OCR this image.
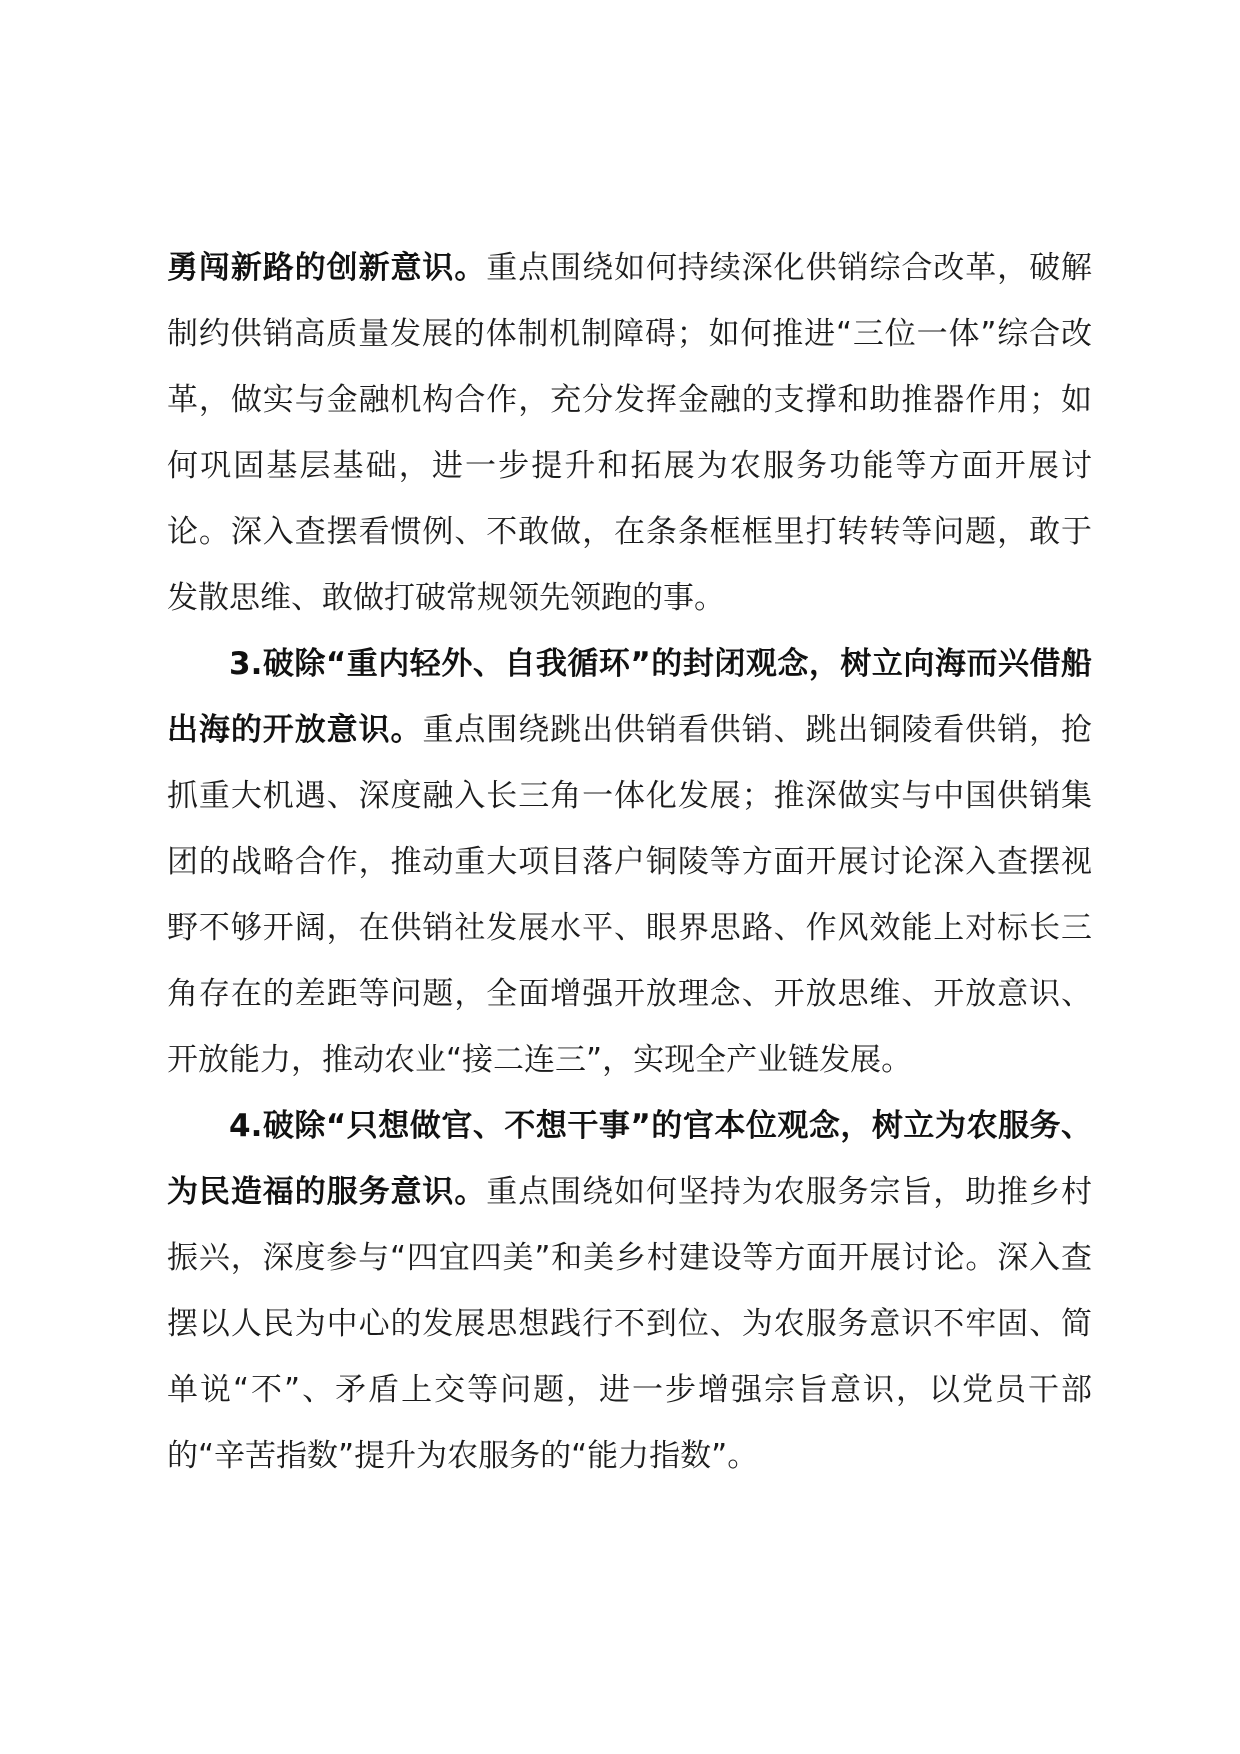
勇闯新路的创新意识。重点围绕如何持续深化供销综合改革，破解制约供销高质量发展的体制机制障碍；如何推进“三位一体”综合改革，做实与金融机构合作，充分发挥金融的支撑和助推器作用；如何巩固基层基础，进一步提升和拓展为农服务功能等方面开展讨论。深入查摆看惯例、不敢做，在条条框框里打转转等问题，敢于发散思维、敢做打破常规领先领跑的事。

3.破除“重内轻外、自我循环”的封闭观念，树立向海而兴借船出海的开放意识。重点围绕跳出供销看供销、跳出铜陵看供销，抢抓重大机遇、深度融入长三角一体化发展；推深做实与中国供销集团的战略合作，推动重大项目落户铜陵等方面开展讨论深入查摆视野不够开阔，在供销社发展水平、眼界思路、作风效能上对标长三角存在的差距等问题，全面增强开放理念、开放思维、开放意识、开放能力，推动农业“接二连三”，实现全产业链发展。

4.破除“只想做官、不想干事”的官本位观念，树立为农服务、为民造福的服务意识。重点围绕如何坚持为农服务宗旨，助推乡村振兴，深度参与“四宜四美”和美乡村建设等方面开展讨论。深入查摆以人民为中心的发展思想践行不到位、为农服务意识不牢固、简单说“不”、矛盾上交等问题，进一步增强宗旨意识，以党员干部的“辛苦指数”提升为农服务的“能力指数”。
